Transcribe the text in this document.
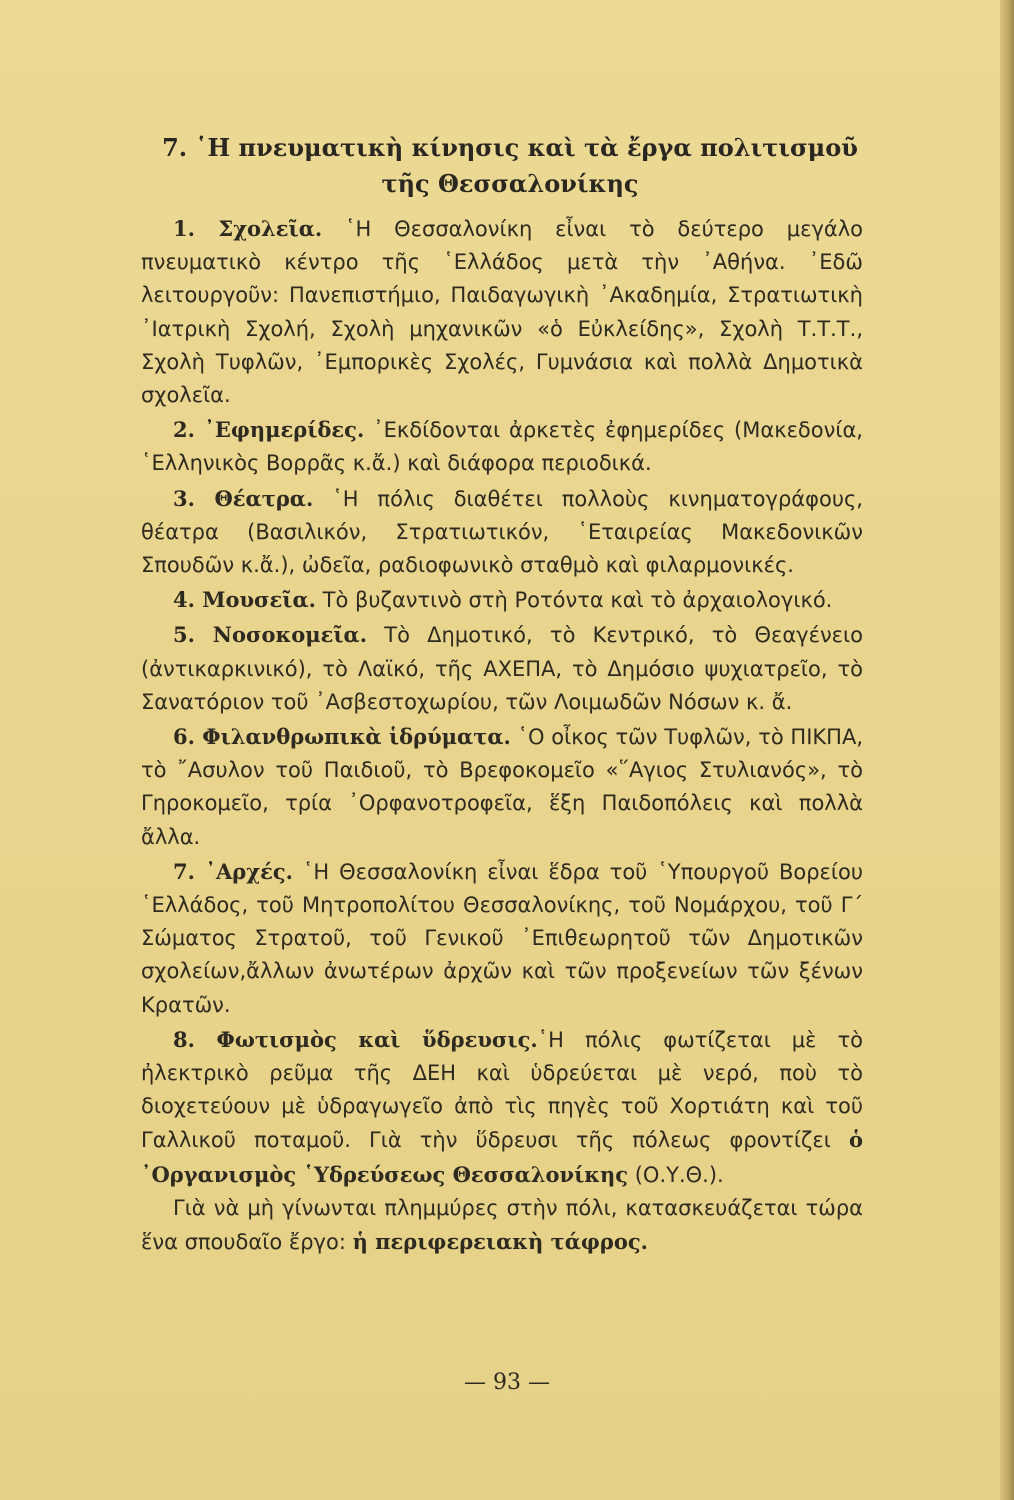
7. ῾Η πνευματικὴ κίνησις καὶ τὰ ἔργα πολιτισμοῦ
τῆς Θεσσαλονίκης

1. Σχολεῖα. ῾Η Θεσσαλονίκη εἶναι τὸ δεύτερο μεγάλο πνευματικὸ κέντρο τῆς ῾Ελλάδος μετὰ τὴν ᾿Αθήνα. ᾿Εδῶ λειτουργοῦν: Πανεπιστήμιο, Παιδαγωγικὴ ᾿Ακαδημία, Στρατιωτικὴ ᾿Ιατρικὴ Σχολή, Σχολὴ μηχανικῶν «ὁ Εὐκλείδης», Σχολὴ Τ.Τ.Τ., Σχολὴ Τυφλῶν, ᾿Εμπορικὲς Σχολές, Γυμνάσια καὶ πολλὰ Δημοτικὰ σχολεῖα.

2. ᾿Εφημερίδες. ᾿Εκδίδονται ἀρκετὲς ἐφημερίδες (Μακεδονία, ῾Ελληνικὸς Βορρᾶς κ.ἄ.) καὶ διάφορα περιοδικά.

3. Θέατρα. ῾Η πόλις διαθέτει πολλοὺς κινηματογράφους, θέατρα (Βασιλικόν, Στρατιωτικόν, ῾Εταιρείας Μακεδονικῶν Σπουδῶν κ.ἄ.), ὠδεῖα, ραδιοφωνικὸ σταθμὸ καὶ φιλαρμονικές.

4. Μουσεῖα. Τὸ βυζαντινὸ στὴ Ροτόντα καὶ τὸ ἀρχαιολογικό.

5. Νοσοκομεῖα. Τὸ Δημοτικό, τὸ Κεντρικό, τὸ Θεαγένειο (ἀντικαρκινικό), τὸ Λαϊκό, τῆς ΑΧΕΠΑ, τὸ Δημόσιο ψυχιατρεῖο, τὸ Σανατόριον τοῦ ᾿Ασβεστοχωρίου, τῶν Λοιμωδῶν Νόσων κ. ἄ.

6. Φιλανθρωπικὰ ἱδρύματα. ῾Ο οἶκος τῶν Τυφλῶν, τὸ ΠΙΚΠΑ, τὸ ῎Ασυλον τοῦ Παιδιοῦ, τὸ Βρεφοκομεῖο «῞Αγιος Στυλιανός», τὸ Γηροκομεῖο, τρία ᾿Ορφανοτροφεῖα, ἕξη Παιδοπόλεις καὶ πολλὰ ἄλλα.

7. ᾿Αρχές. ῾Η Θεσσαλονίκη εἶναι ἕδρα τοῦ ῾Υπουργοῦ Βορείου ῾Ελλάδος, τοῦ Μητροπολίτου Θεσσαλονίκης, τοῦ Νομάρχου, τοῦ Γ΄ Σώματος Στρατοῦ, τοῦ Γενικοῦ ᾿Επιθεωρητοῦ τῶν Δημοτικῶν σχολείων,ἄλλων ἀνωτέρων ἀρχῶν καὶ τῶν προξενείων τῶν ξένων Κρατῶν.

8. Φωτισμὸς καὶ ὕδρευσις.῾Η πόλις φωτίζεται μὲ τὸ ἠλεκτρικὸ ρεῦμα τῆς ΔΕΗ καὶ ὑδρεύεται μὲ νερό, ποὺ τὸ διοχετεύουν μὲ ὑδραγωγεῖο ἀπὸ τὶς πηγὲς τοῦ Χορτιάτη καὶ τοῦ Γαλλικοῦ ποταμοῦ. Γιὰ τὴν ὕδρευσι τῆς πόλεως φροντίζει ὁ ᾿Οργανισμὸς ῾Υδρεύσεως Θεσσαλονίκης (Ο.Υ.Θ.).

Γιὰ νὰ μὴ γίνωνται πλημμύρες στὴν πόλι, κατασκευάζεται τώρα ἕνα σπουδαῖο ἔργο: ἡ περιφερειακὴ τάφρος.

— 93 —
